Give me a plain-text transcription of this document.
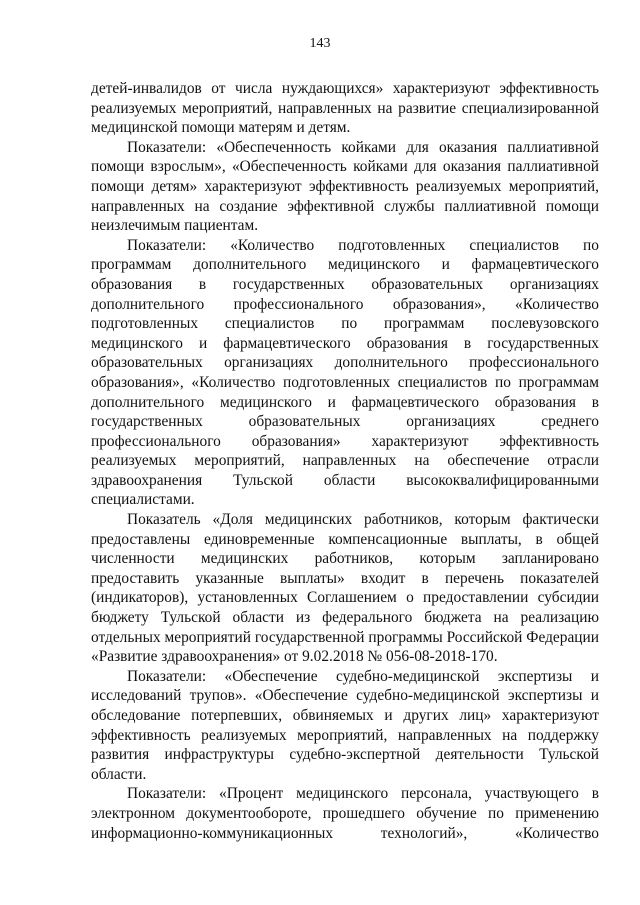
143

детей-инвалидов от числа нуждающихся» характеризуют эффективность реализуемых мероприятий, направленных на развитие специализированной медицинской помощи матерям и детям.

Показатели: «Обеспеченность койками для оказания паллиативной помощи взрослым», «Обеспеченность койками для оказания паллиативной помощи детям» характеризуют эффективность реализуемых мероприятий, направленных на создание эффективной службы паллиативной помощи неизлечимым пациентам.

Показатели: «Количество подготовленных специалистов по программам дополнительного медицинского и фармацевтического образования в государственных образовательных организациях дополнительного профессионального образования», «Количество подготовленных специалистов по программам послевузовского медицинского и фармацевтического образования в государственных образовательных организациях дополнительного профессионального образования», «Количество подготовленных специалистов по программам дополнительного медицинского и фармацевтического образования в государственных образовательных организациях среднего профессионального образования» характеризуют эффективность реализуемых мероприятий, направленных на обеспечение отрасли здравоохранения Тульской области высококвалифицированными специалистами.

Показатель «Доля медицинских работников, которым фактически предоставлены единовременные компенсационные выплаты, в общей численности медицинских работников, которым запланировано предоставить указанные выплаты» входит в перечень показателей (индикаторов), установленных Соглашением о предоставлении субсидии бюджету Тульской области из федерального бюджета на реализацию отдельных мероприятий государственной программы Российской Федерации «Развитие здравоохранения» от 9.02.2018 № 056-08-2018-170.

Показатели: «Обеспечение судебно-медицинской экспертизы и исследований трупов». «Обеспечение судебно-медицинской экспертизы и обследование потерпевших, обвиняемых и других лиц» характеризуют эффективность реализуемых мероприятий, направленных на поддержку развития инфраструктуры судебно-экспертной деятельности Тульской области.

Показатели: «Процент медицинского персонала, участвующего в электронном документообороте, прошедшего обучение по применению информационно-коммуникационных технологий», «Количество
